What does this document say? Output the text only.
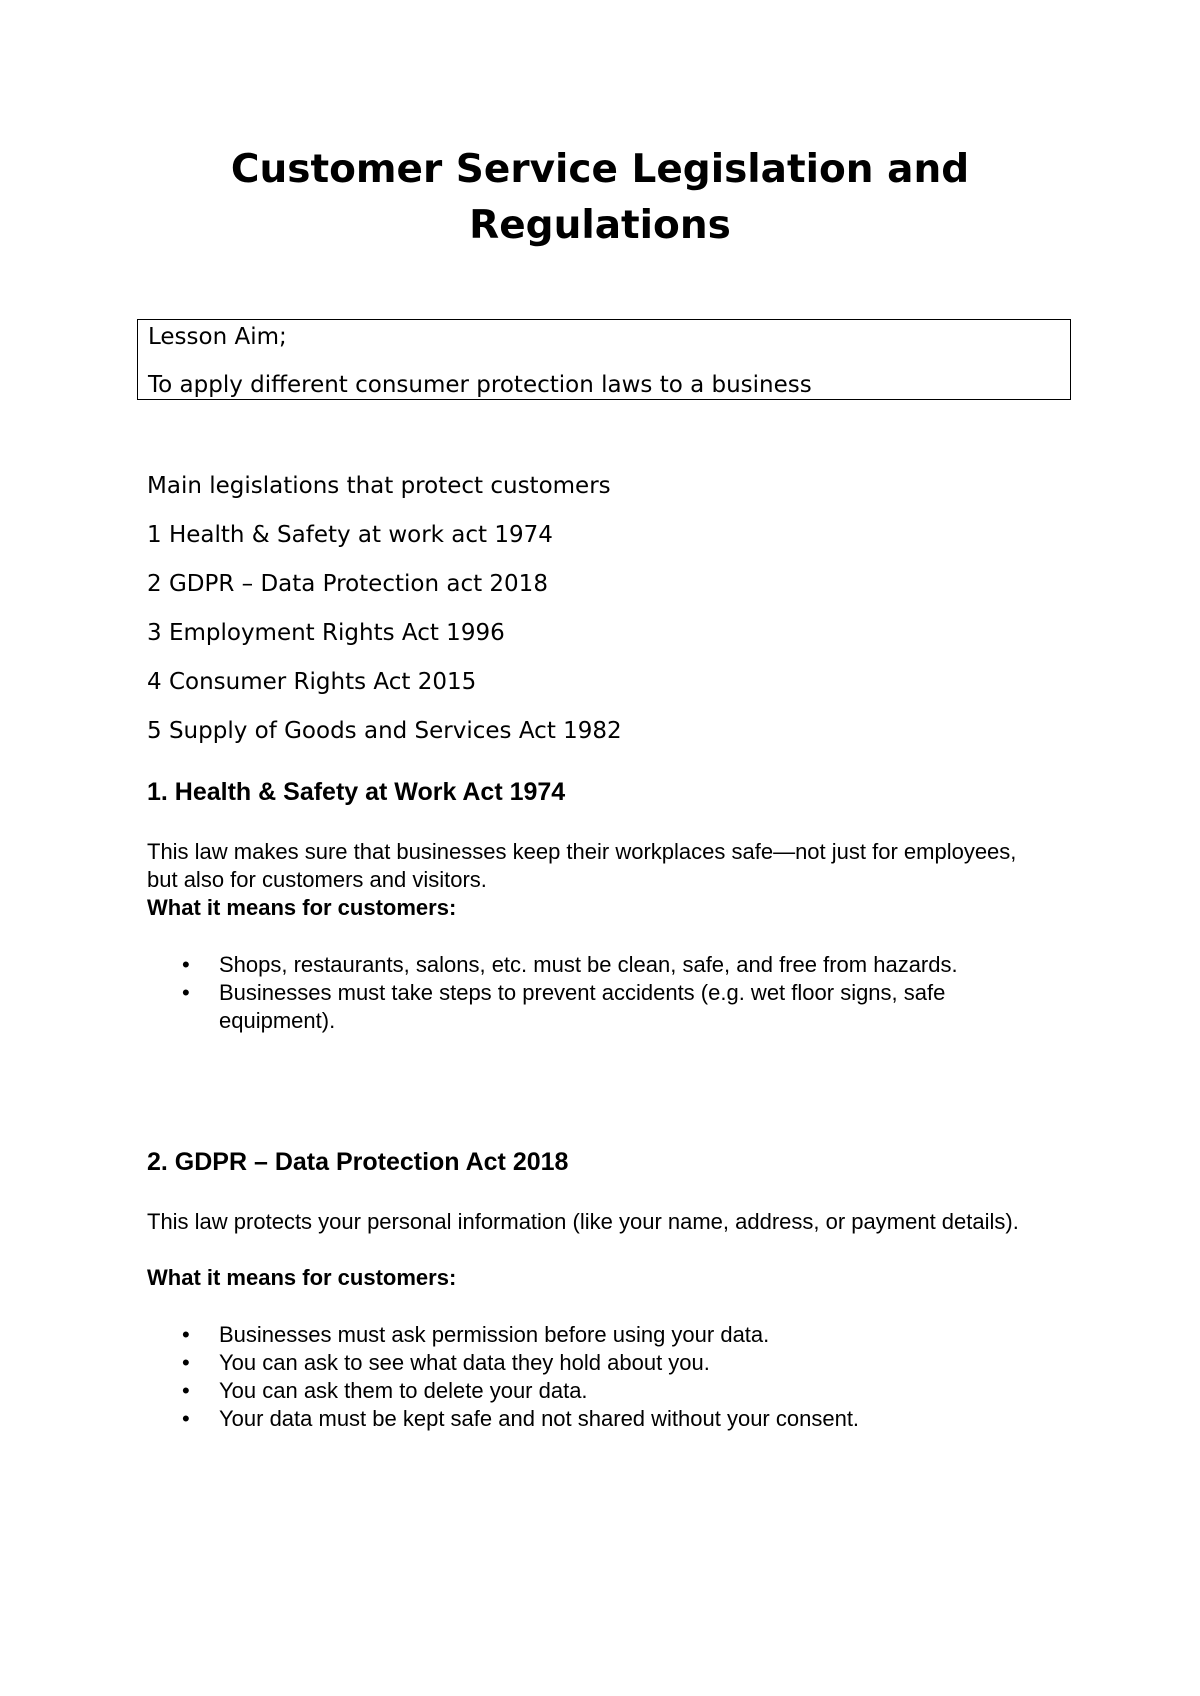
Customer Service Legislation and Regulations
Lesson Aim;
To apply different consumer protection laws to a business
Main legislations that protect customers
1 Health & Safety at work act 1974
2 GDPR – Data Protection act 2018
3 Employment Rights Act 1996
4 Consumer Rights Act 2015
5 Supply of Goods and Services Act 1982
1. Health & Safety at Work Act 1974

This law makes sure that businesses keep their workplaces safe—not just for employees, but also for customers and visitors.

What it means for customers:
• Shops, restaurants, salons, etc. must be clean, safe, and free from hazards.
• Businesses must take steps to prevent accidents (e.g. wet floor signs, safe equipment).
2. GDPR – Data Protection Act 2018

This law protects your personal information (like your name, address, or payment details).

What it means for customers:
• Businesses must ask permission before using your data.
• You can ask to see what data they hold about you.
• You can ask them to delete your data.
• Your data must be kept safe and not shared without your consent.
